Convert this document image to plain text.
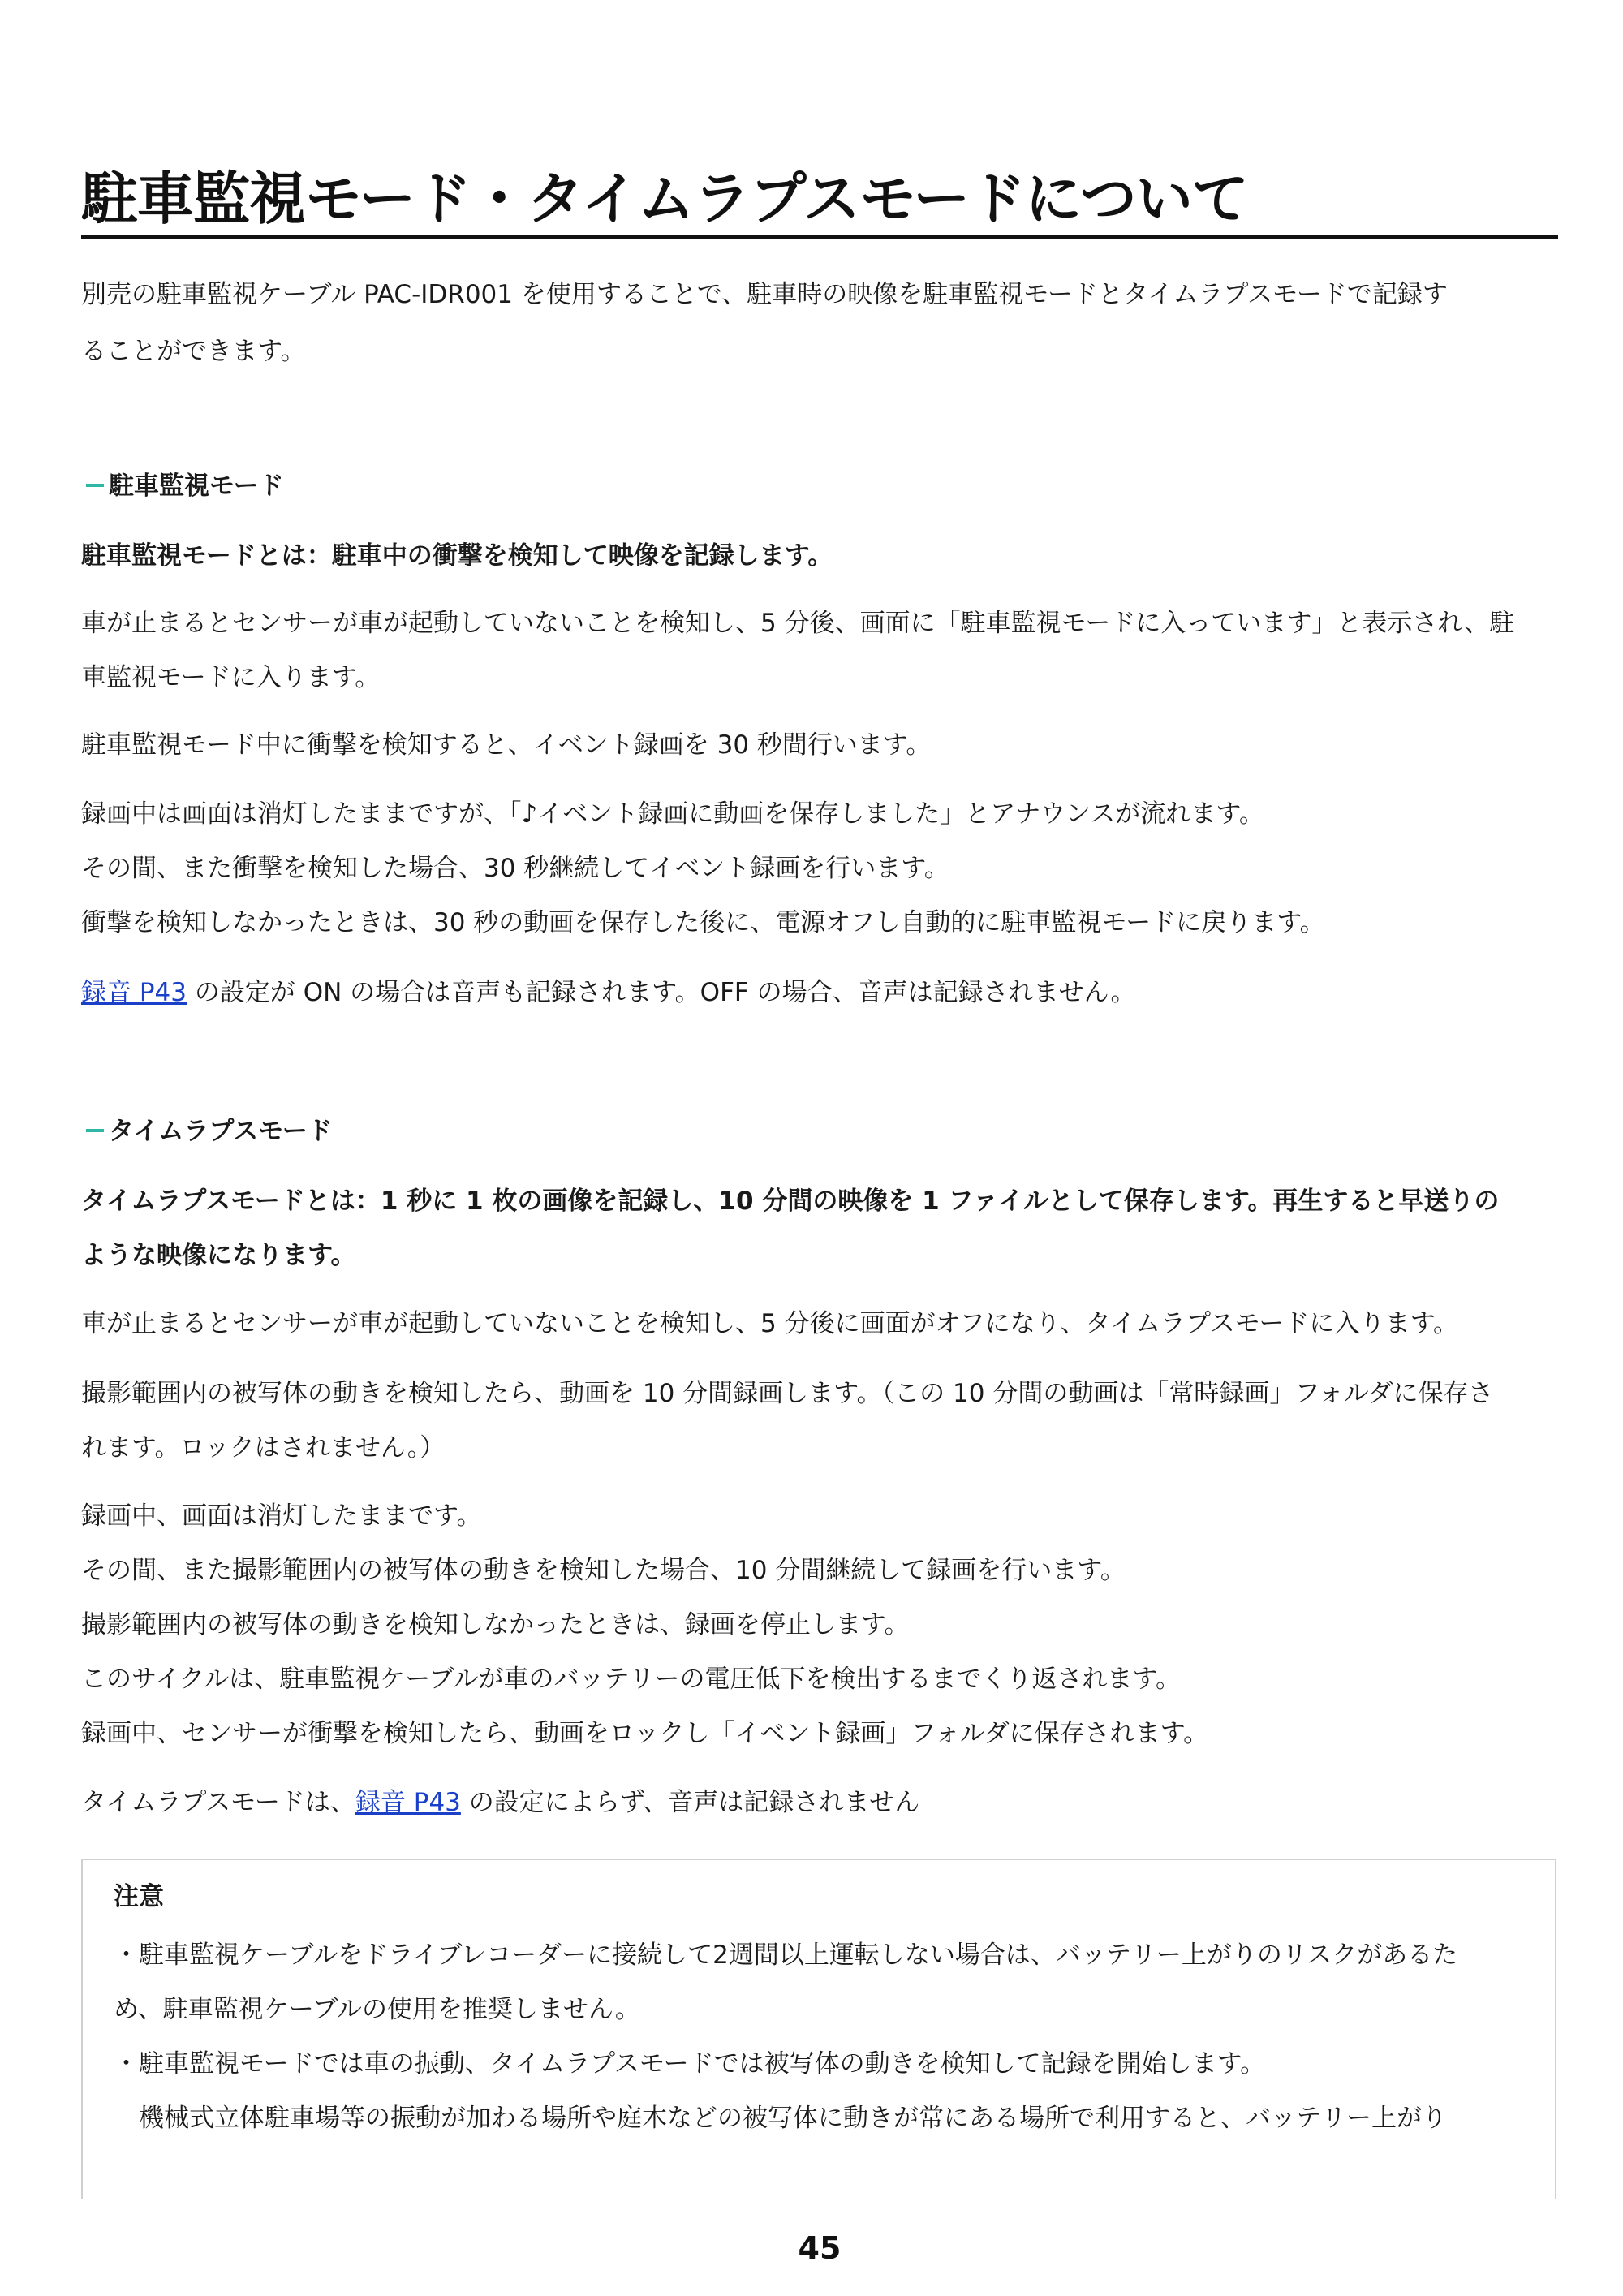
駐車監視モード・タイムラプスモードについて
別売の駐車監視ケーブル PAC-IDR001 を使用することで、駐車時の映像を駐車監視モードとタイムラプスモードで記録す
ることができます。
駐車監視モード
駐車監視モードとは：駐車中の衝撃を検知して映像を記録します。
車が止まるとセンサーが車が起動していないことを検知し、5 分後、画面に「駐車監視モードに入っています」と表示され、駐
車監視モードに入ります。
駐車監視モード中に衝撃を検知すると、イベント録画を 30 秒間行います。
録画中は画面は消灯したままですが、「♪イベント録画に動画を保存しました」とアナウンスが流れます。
その間、また衝撃を検知した場合、30 秒継続してイベント録画を行います。
衝撃を検知しなかったときは、30 秒の動画を保存した後に、電源オフし自動的に駐車監視モードに戻ります。
録音 P43 の設定が ON の場合は音声も記録されます。OFF の場合、音声は記録されません。
タイムラプスモード
タイムラプスモードとは：1 秒に 1 枚の画像を記録し、10 分間の映像を 1 ファイルとして保存します。再生すると早送りの
ような映像になります。
車が止まるとセンサーが車が起動していないことを検知し、5 分後に画面がオフになり、タイムラプスモードに入ります。
撮影範囲内の被写体の動きを検知したら、動画を 10 分間録画します。（この 10 分間の動画は「常時録画」フォルダに保存さ
れます。ロックはされません。）
録画中、画面は消灯したままです。
その間、また撮影範囲内の被写体の動きを検知した場合、10 分間継続して録画を行います。
撮影範囲内の被写体の動きを検知しなかったときは、録画を停止します。
このサイクルは、駐車監視ケーブルが車のバッテリーの電圧低下を検出するまでくり返されます。
録画中、センサーが衝撃を検知したら、動画をロックし「イベント録画」フォルダに保存されます。
タイムラプスモードは、録音 P43 の設定によらず、音声は記録されません
注意
・駐車監視ケーブルをドライブレコーダーに接続して2週間以上運転しない場合は、バッテリー上がりのリスクがあるた
め、駐車監視ケーブルの使用を推奨しません。
・駐車監視モードでは車の振動、タイムラプスモードでは被写体の動きを検知して記録を開始します。
　機械式立体駐車場等の振動が加わる場所や庭木などの被写体に動きが常にある場所で利用すると、バッテリー上がり
45
